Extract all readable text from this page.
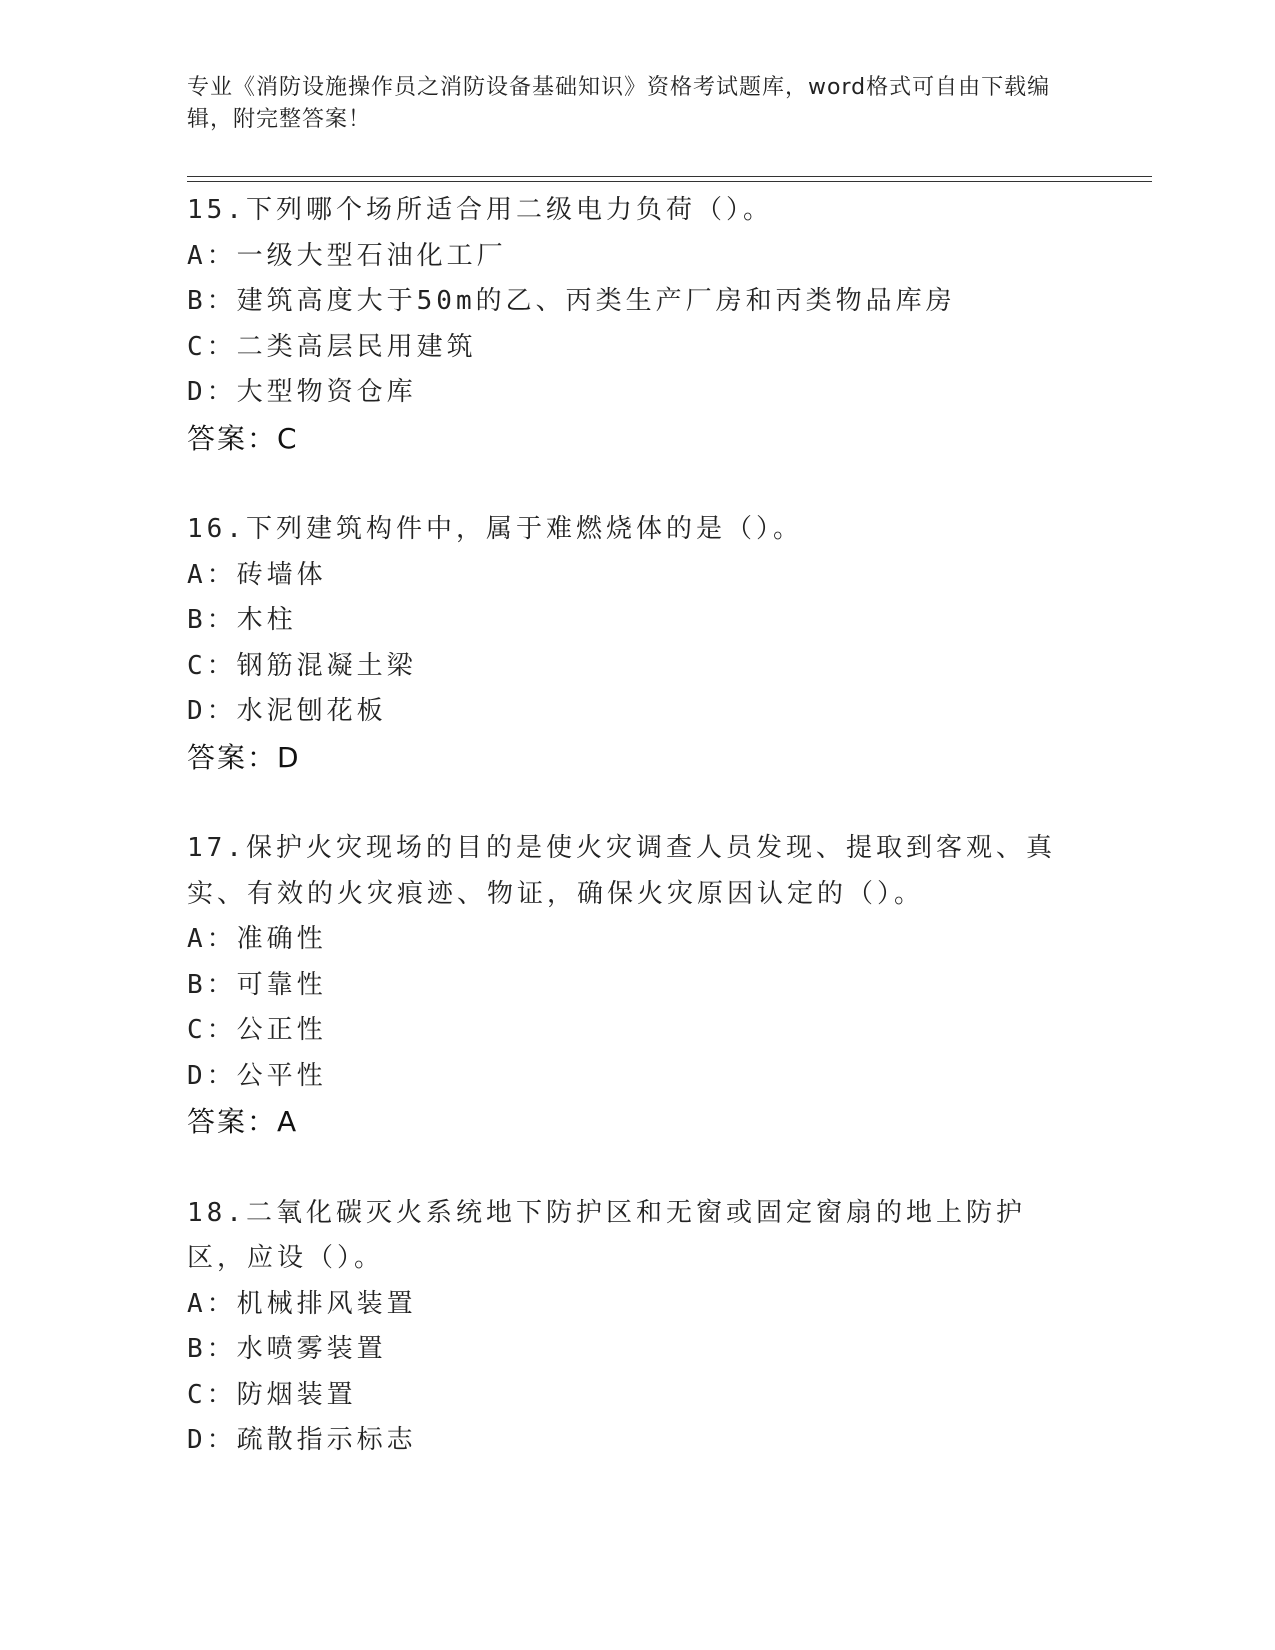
专业《消防设施操作员之消防设备基础知识》资格考试题库，word格式可自由下载编辑，附完整答案！
15.下列哪个场所适合用二级电力负荷（）。
A：一级大型石油化工厂
B：建筑高度大于50m的乙、丙类生产厂房和丙类物品库房
C：二类高层民用建筑
D：大型物资仓库
答案：C
16.下列建筑构件中，属于难燃烧体的是（）。
A：砖墙体
B：木柱
C：钢筋混凝土梁
D：水泥刨花板
答案：D
17.保护火灾现场的目的是使火灾调查人员发现、提取到客观、真实、有效的火灾痕迹、物证，确保火灾原因认定的（）。
A：准确性
B：可靠性
C：公正性
D：公平性
答案：A
18.二氧化碳灭火系统地下防护区和无窗或固定窗扇的地上防护区，应设（）。
A：机械排风装置
B：水喷雾装置
C：防烟装置
D：疏散指示标志
